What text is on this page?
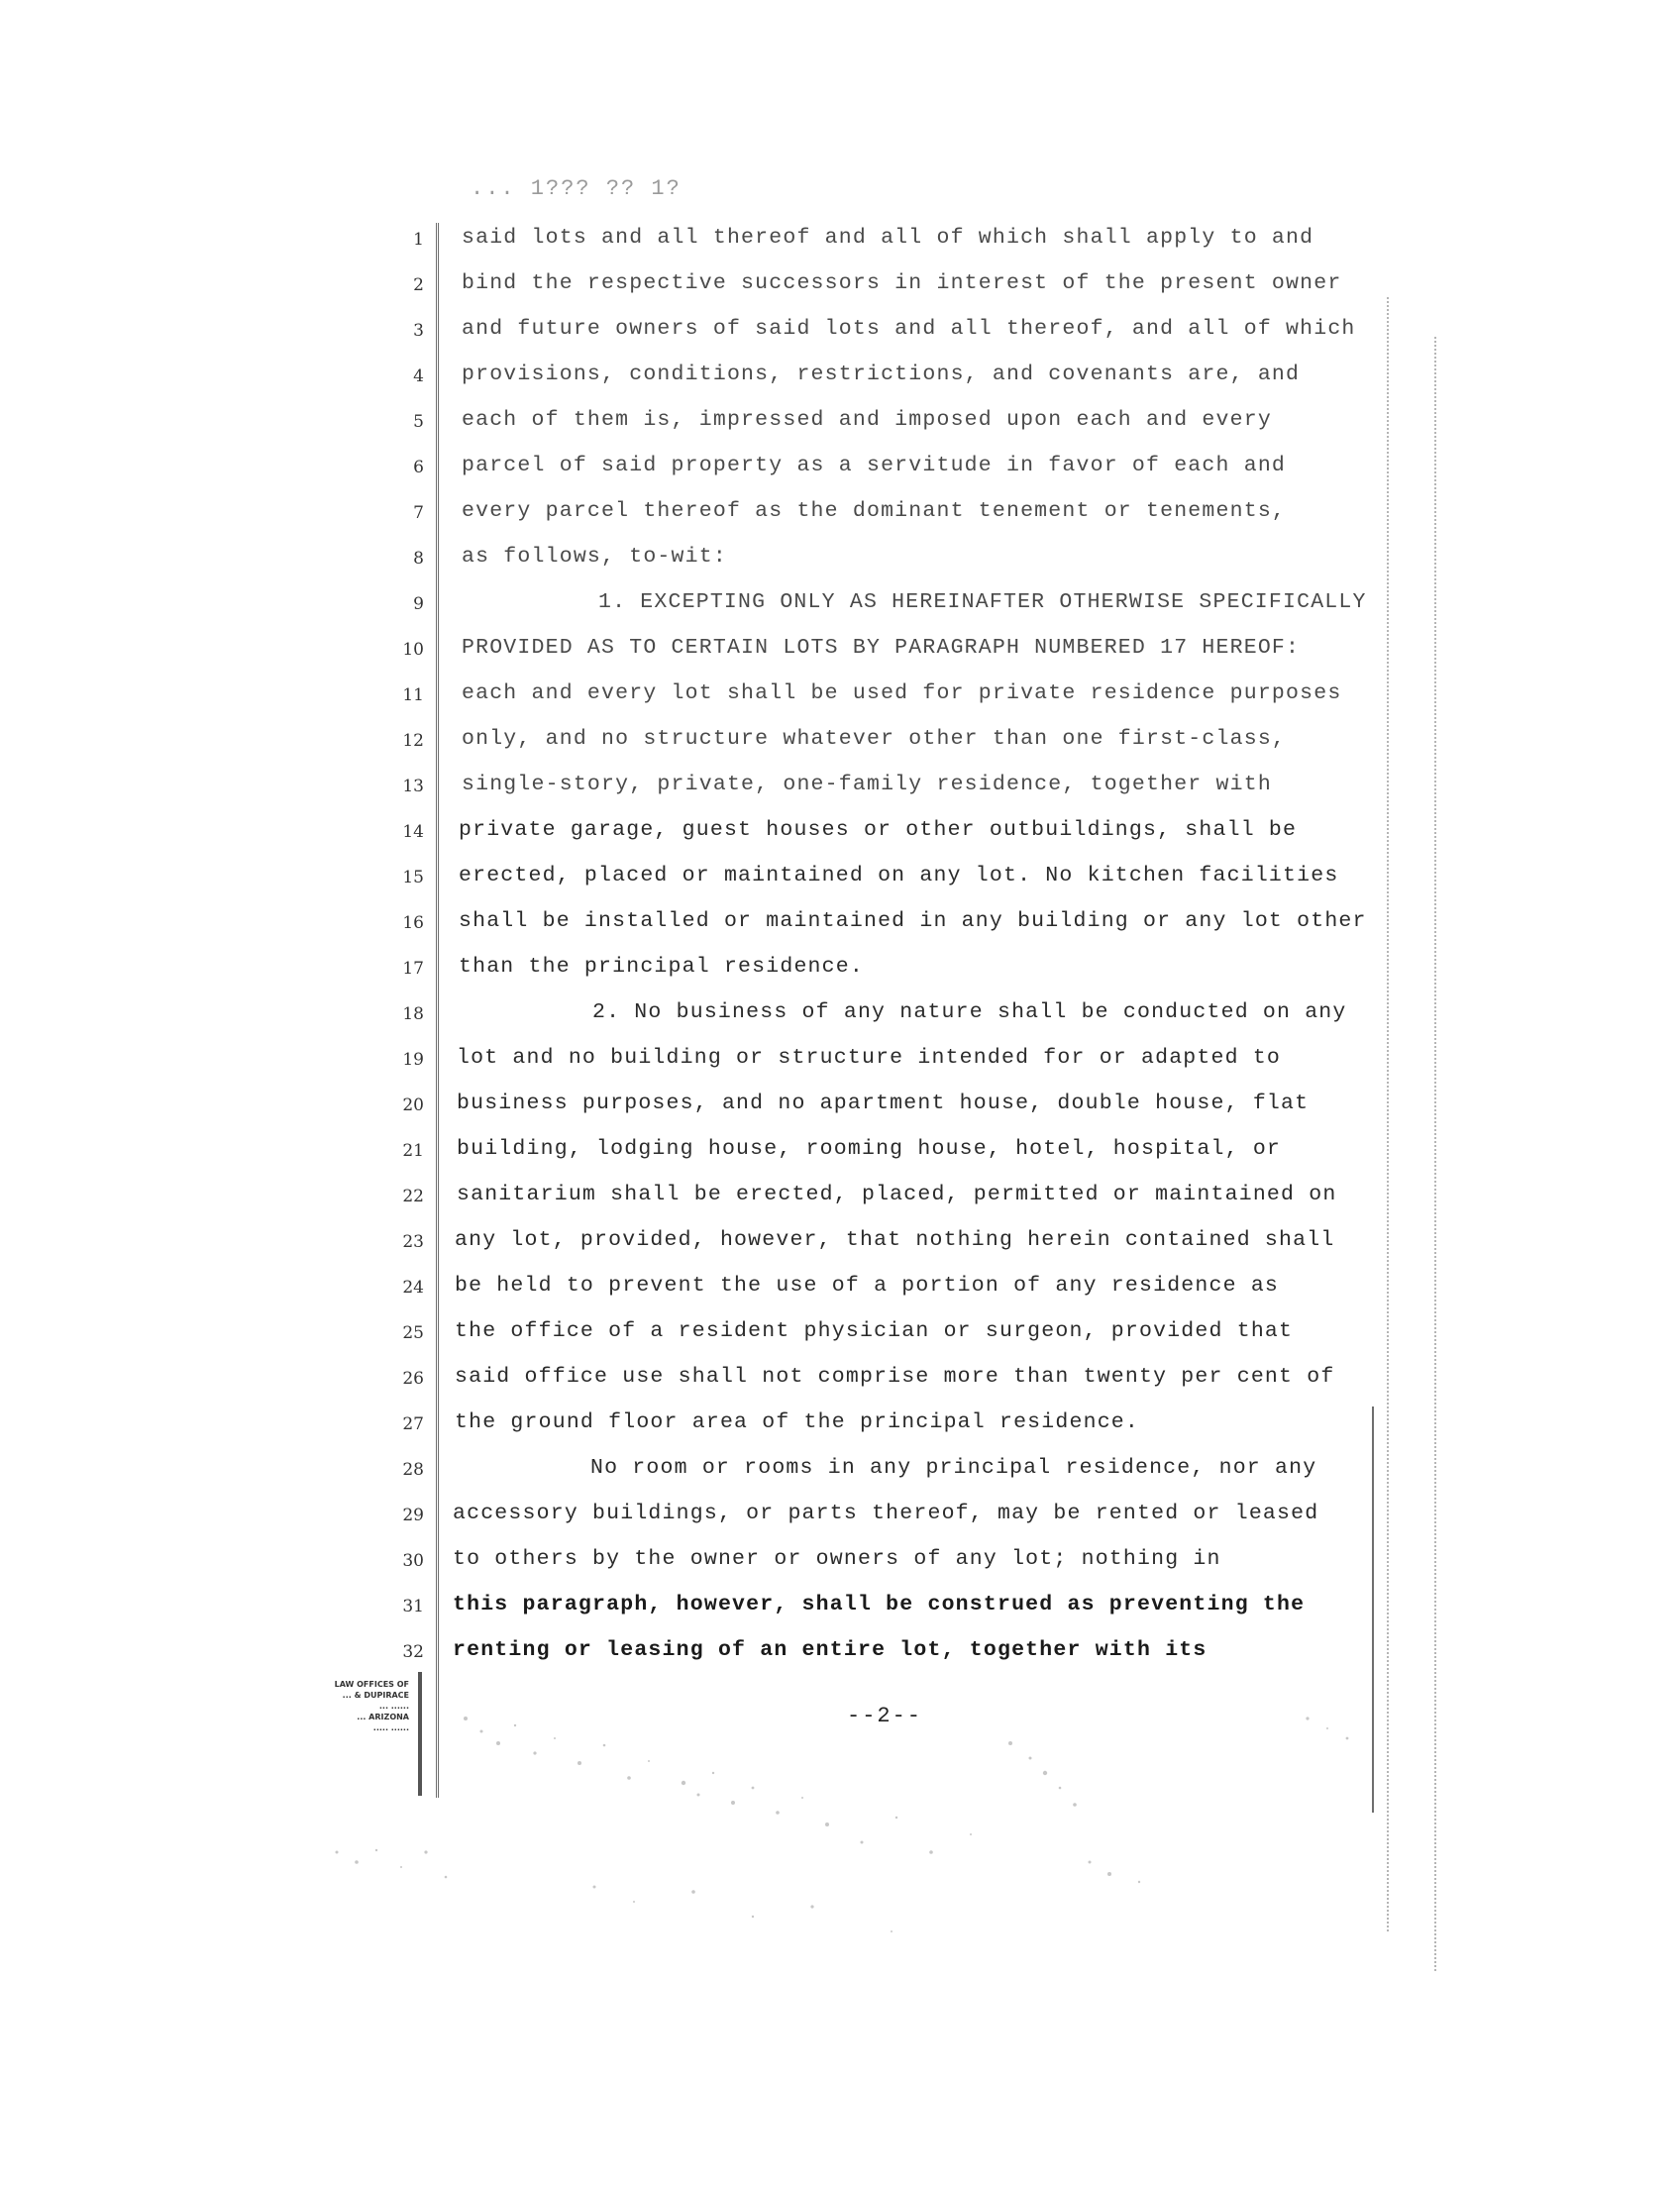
... 1??? ?? 1?
1
2
3
4
5
6
7
8
9
10
11
12
13
14
15
16
17
18
19
20
21
22
23
24
25
26
27
28
29
30
31
32
said lots and all thereof and all of which shall apply to and
bind the respective successors in interest of the present owner
and future owners of said lots and all thereof, and all of which
provisions, conditions, restrictions, and covenants are, and
each of them is, impressed and imposed upon each and every
parcel of said property as a servitude in favor of each and
every parcel thereof as the dominant tenement or tenements,
as follows, to-wit:
1. EXCEPTING ONLY AS HEREINAFTER OTHERWISE SPECIFICALLY
PROVIDED AS TO CERTAIN LOTS BY PARAGRAPH NUMBERED 17 HEREOF:
each and every lot shall be used for private residence purposes
only, and no structure whatever other than one first-class,
single-story, private, one-family residence, together with
private garage, guest houses or other outbuildings, shall be
erected, placed or maintained on any lot. No kitchen facilities
shall be installed or maintained in any building or any lot other
than the principal residence.
2. No business of any nature shall be conducted on any
lot and no building or structure intended for or adapted to
business purposes, and no apartment house, double house, flat
building, lodging house, rooming house, hotel, hospital, or
sanitarium shall be erected, placed, permitted or maintained on
any lot, provided, however, that nothing herein contained shall
be held to prevent the use of a portion of any residence as
the office of a resident physician or surgeon, provided that
said office use shall not comprise more than twenty per cent of
the ground floor area of the principal residence.
No room or rooms in any principal residence, nor any
accessory buildings, or parts thereof, may be rented or leased
to others by the owner or owners of any lot; nothing in
this paragraph, however, shall be construed as preventing the
renting or leasing of an entire lot, together with its
--2--
LAW OFFICES OF
... & DUPIRACE
... ......
... ARIZONA
..... ......
